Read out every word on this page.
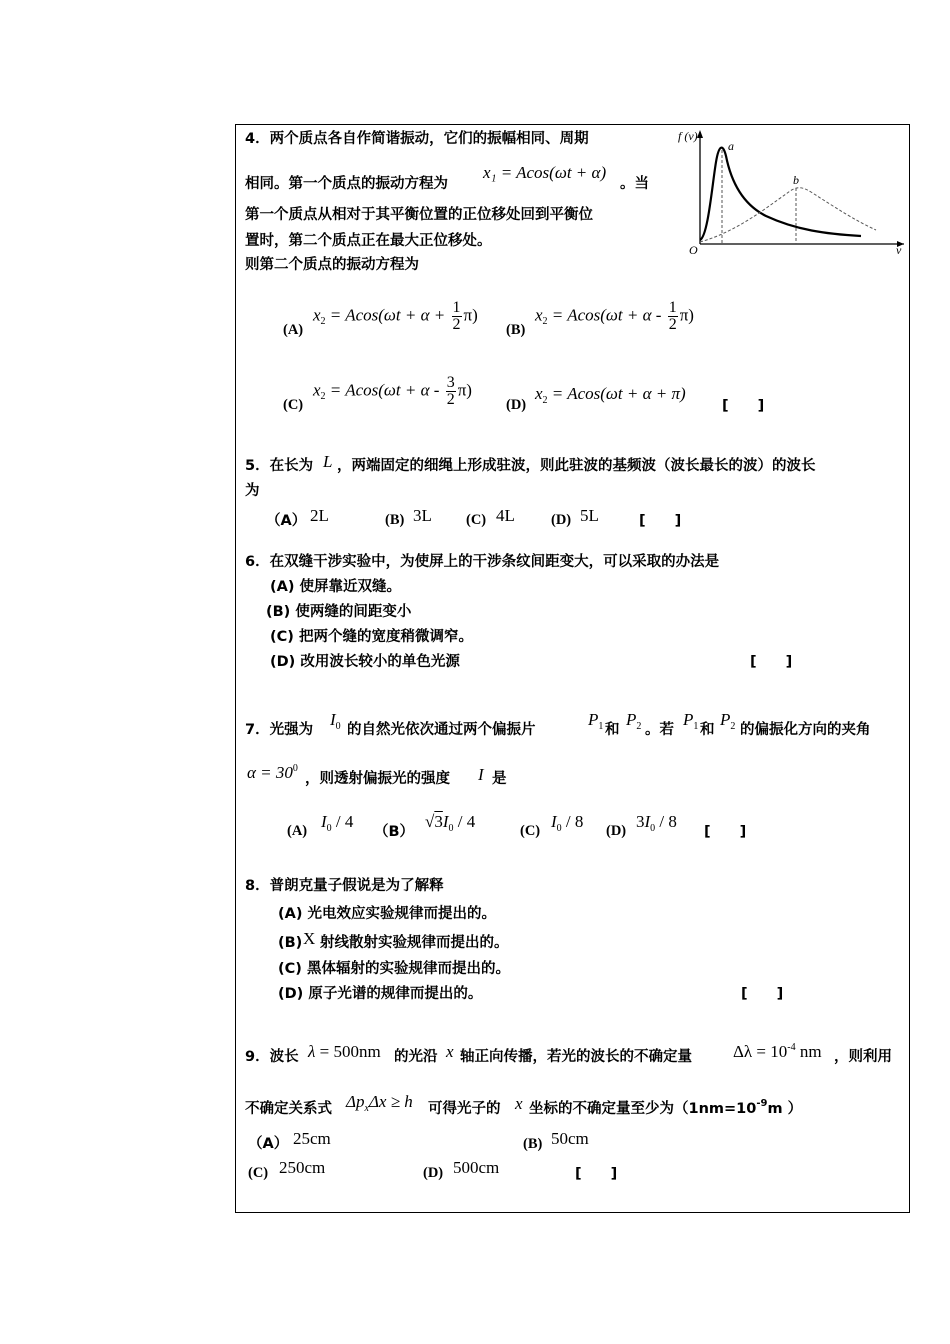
4．两个质点各自作简谐振动，它们的振幅相同、周期
相同。第一个质点的振动方程为
x₁ = Acos(ωt + α)
。当
第一个质点从相对于其平衡位置的正位移处回到平衡位
置时，第二个质点正在最大正位移处。
则第二个质点的振动方程为
f (v)
v
O
a
b
(A)
$x_2 = Acos(\omega t + \alpha + \frac{1}{2} \pi)$
(B)
$x_2 = Acos(\omega t + \alpha - \frac{1}{2} \pi)$
(C)
$x_2 = Acos(\omega t + \alpha - \frac{3}{2} \pi)$
(D)
$x_2 = Acos(\omega t + \alpha + \pi)$
[　　]
5．在长为 L ，两端固定的细绳上形成驻波，则此驻波的基频波（波长最长的波）的波长
为
（A） 2L	(B) 3L (C) 4L (D) 5L	[　　]
6．在双缝干涉实验中，为使屏上的干涉条纹间距变大，可以采取的办法是
(A) 使屏靠近双缝。
(B) 使两缝的间距变小
(C) 把两个缝的宽度稍微调窄。
(D) 改用波长较小的单色光源	[　　]
7．光强为
$I_0$ 的自然光依次通过两个偏振片
$P_1$ 和
$P_2$ 。若
$P_1$ 和
$P_2$ 的偏振化方向的夹角
$\alpha = 30^0$
，则透射偏振光的强度 I 是
(A) $I_0 / 4$
（B）
$√3I_0 / 4$	(C) $I_0 / 8$ (D) $3I_0 / 8$
[　　]
8．普朗克量子假说是为了解释
(A) 光电效应实验规律而提出的。
(B) X 射线散射实验规律而提出的。
(C) 黑体辐射的实验规律而提出的。
(D) 原子光谱的规律而提出的。	[　　]
9．波长 λ = 500nm 的光沿 x 轴正向传播，若光的波长的不确定量 $\Delta\lambda = 10^{-4}$ nm ，则利用
不确定关系式 $\Delta p_x\Delta x \ge h$ 可得光子的 x 坐标的不确定量至少为（$1nm=10^{-9}m$ ）
（A） 25cm	(B) 50cm
(C) 250cm	(D) 500cm	[　　]
